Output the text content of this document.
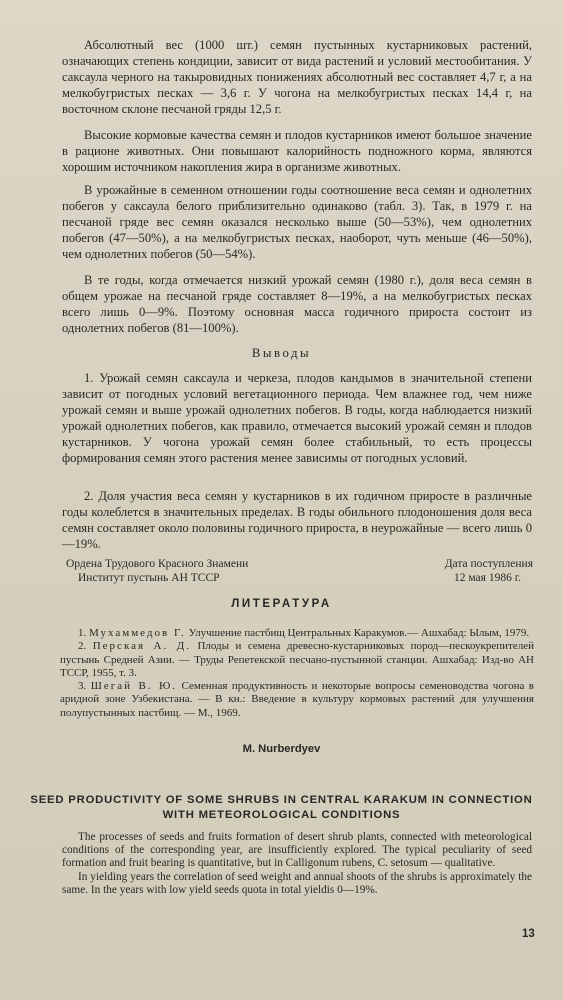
Абсолютный вес (1000 шт.) семян пустынных кустарниковых растений, означающих степень кондиции, зависит от вида растений и условий местообитания. У саксаула черного на такыровидных понижениях абсолютный вес составляет 4,7 г, а на мелкобугристых песках — 3,6 г. У чогона на мелкобугристых песках 14,4 г, на восточном склоне песчаной гряды 12,5 г.

Высокие кормовые качества семян и плодов кустарников имеют большое значение в рационе животных. Они повышают калорийность подножного корма, являются хорошим источником накопления жира в организме животных.

В урожайные в семенном отношении годы соотношение веса семян и однолетних побегов у саксаула белого приблизительно одинаково (табл. 3). Так, в 1979 г. на песчаной гряде вес семян оказался несколько выше (50—53%), чем однолетних побегов (47—50%), а на мелкобугристых песках, наоборот, чуть меньше (46—50%), чем однолетних побегов (50—54%).

В те годы, когда отмечается низкий урожай семян (1980 г.), доля веса семян в общем урожае на песчаной гряде составляет 8—19%, а на мелкобугристых песках всего лишь 0—9%. Поэтому основная масса годичного прироста состоит из однолетних побегов (81—100%).

Выводы

1. Урожай семян саксаула и черкеза, плодов кандымов в значительной степени зависит от погодных условий вегетационного периода. Чем влажнее год, чем ниже урожай семян и выше урожай однолетних побегов. В годы, когда наблюдается низкий урожай однолетних побегов, как правило, отмечается высокий урожай семян и плодов кустарников. У чогона урожай семян более стабильный, то есть процессы формирования семян этого растения менее зависимы от погодных условий.

2. Доля участия веса семян у кустарников в их годичном приросте в различные годы колеблется в значительных пределах. В годы обильного плодоношения доля веса семян составляет около половины годичного прироста, в неурожайные — всего лишь 0—19%.

Ордена Трудового Красного Знамени
Институт пустынь АН ТССР
Дата поступления
12 мая 1986 г.
ЛИТЕРАТУРА

1. Мухаммедов Г. Улучшение пастбищ Центральных Каракумов.— Ашхабад: Ылым, 1979.

2. Перская А. Д. Плоды и семена древесно-кустарниковых пород—пескоукрепителей пустынь Средней Азии. — Труды Репетекской песчано-пустынной станции. Ашхабад: Изд-во АН ТССР, 1955, т. 3.

3. Шегай В. Ю. Семенная продуктивность и некоторые вопросы семеноводства чогона в аридной зоне Узбекистана. — В кн.: Введение в культуру кормовых растений для улучшения полупустынных пастбищ. — М., 1969.

M. Nurberdyev
SEED PRODUCTIVITY OF SOME SHRUBS IN CENTRAL KARAKUM IN CONNECTION WITH METEOROLOGICAL CONDITIONS

The processes of seeds and fruits formation of desert shrub plants, connected with meteorological conditions of the corresponding year, are insufficiently explored. The typical peculiarity of seed formation and fruit bearing is quantitative, but in Calligonum rubens, C. setosum — qualitative.

In yielding years the correlation of seed weight and annual shoots of the shrubs is approximately the same. In the years with low yield seeds quota in total yieldis 0—19%.

13
